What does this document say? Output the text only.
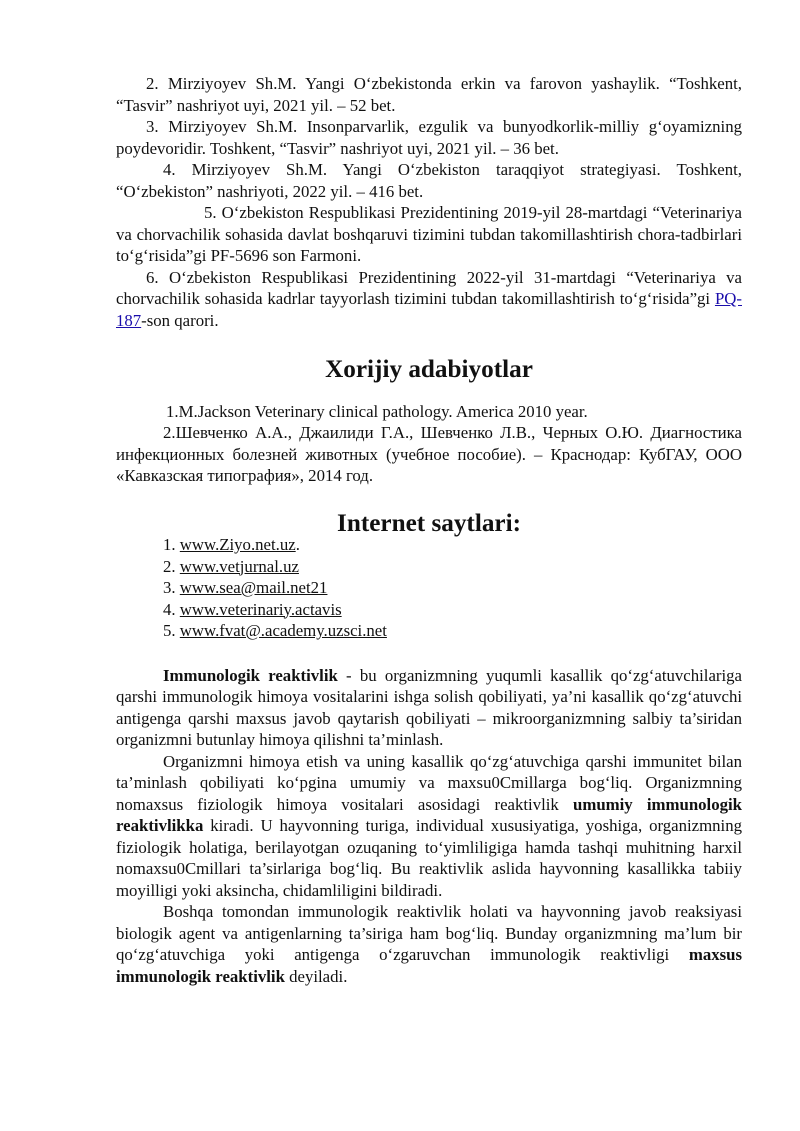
2. Mirziyoyev Sh.M. Yangi O‘zbekistonda erkin va farovon yashaylik. “Toshkent, “Tasvir” nashriyot uyi, 2021 yil. – 52 bet.

3. Mirziyoyev Sh.M. Insonparvarlik, ezgulik va bunyodkorlik-milliy g‘oyamizning poydevoridir. Toshkent, “Tasvir” nashriyot uyi, 2021 yil. – 36 bet.

4. Mirziyoyev Sh.M. Yangi O‘zbekiston taraqqiyot strategiyasi. Toshkent, “O‘zbekiston” nashriyoti, 2022 yil. – 416 bet.

5. O‘zbekiston Respublikasi Prezidentining 2019-yil 28-martdagi “Veterinariya va chorvachilik sohasida davlat boshqaruvi tizimini tubdan takomillashtirish chora-tadbirlari to‘g‘risida”gi PF-5696 son Farmoni.

6. O‘zbekiston Respublikasi Prezidentining 2022-yil 31-martdagi “Veterinariya va chorvachilik sohasida kadrlar tayyorlash tizimini tubdan takomillashtirish to‘g‘risida”gi PQ-187-son qarori.

Xorijiy adabiyotlar

1.M.Jackson Veterinary clinical pathology. America 2010 year.

2.Шевченко А.А., Джаилиди Г.А., Шевченко Л.В., Черных О.Ю. Диагностика инфекционных болезней животных (учебное пособие). – Краснодар: КубГАУ, ООО «Кавказская типография», 2014 год.

Internet saytlari:
1. www.Ziyo.net.uz.
2. www.vetjurnal.uz
3. www.sea@mail.net21
4. www.veterinariy.actavis
5. www.fvat@.academy.uzsci.net

Immunologik reaktivlik - bu organizmning yuqumli kasallik qo‘zg‘atuvchilariga qarshi immunologik himoya vositalarini ishga solish qobiliyati, ya’ni kasallik qo‘zg‘atuvchi antigenga qarshi maxsus javob qaytarish qobiliyati – mikroorganizmning salbiy ta’siridan organizmni butunlay himoya qilishni ta’minlash.

Organizmni himoya etish va uning kasallik qo‘zg‘atuvchiga qarshi immunitet bilan ta’minlash qobiliyati ko‘pgina umumiy va maxsu0Cmillarga bog‘liq. Organizmning nomaxsus fiziologik himoya vositalari asosidagi reaktivlik umumiy immunologik reaktivlikka kiradi. U hayvonning turiga, individual xususiyatiga, yoshiga, organizmning fiziologik holatiga, berilayotgan ozuqaning to‘yimliligiga hamda tashqi muhitning harxil nomaxsu0Cmillari ta’sirlariga bog‘liq. Bu reaktivlik aslida hayvonning kasallikka tabiiy moyilligi yoki aksincha, chidamliligini bildiradi.

Boshqa tomondan immunologik reaktivlik holati va hayvonning javob reaksiyasi biologik agent va antigenlarning ta’siriga ham bog‘liq. Bunday organizmning ma’lum bir qo‘zg‘atuvchiga yoki antigenga o‘zgaruvchan immunologik reaktivligi maxsus immunologik reaktivlik deyiladi.
